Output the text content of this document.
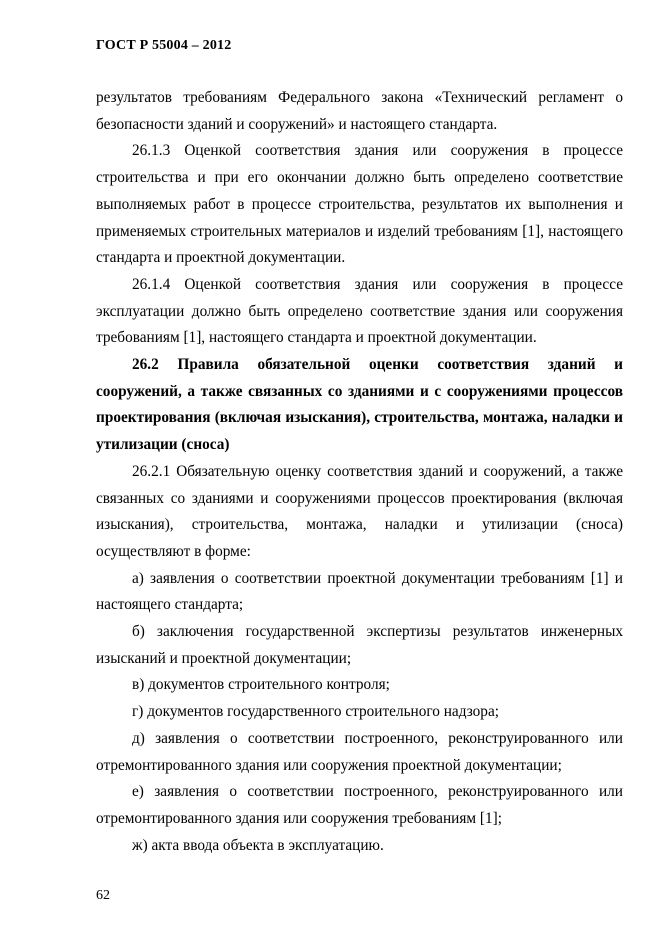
ГОСТ Р 55004 – 2012

результатов требованиям Федерального закона «Технический регламент о безопасности зданий и сооружений» и настоящего стандарта.

26.1.3 Оценкой соответствия здания или сооружения в процессе строительства и при его окончании должно быть определено соответствие выполняемых работ в процессе строительства, результатов их выполнения и применяемых строительных материалов и изделий требованиям [1], настоящего стандарта и проектной документации.

26.1.4 Оценкой соответствия здания или сооружения в процессе эксплуатации должно быть определено соответствие здания или сооружения требованиям [1], настоящего стандарта и проектной документации.

26.2 Правила обязательной оценки соответствия зданий и сооружений, а также связанных со зданиями и с сооружениями процессов проектирования (включая изыскания), строительства, монтажа, наладки и утилизации (сноса)

26.2.1 Обязательную оценку соответствия зданий и сооружений, а также связанных со зданиями и сооружениями процессов проектирования (включая изыскания), строительства, монтажа, наладки и утилизации (сноса) осуществляют в форме:

а) заявления о соответствии проектной документации требованиям [1] и настоящего стандарта;

б) заключения государственной экспертизы результатов инженерных изысканий и проектной документации;

в) документов строительного контроля;

г) документов государственного строительного надзора;

д) заявления о соответствии построенного, реконструированного или отремонтированного здания или сооружения проектной документации;

е) заявления о соответствии построенного, реконструированного или отремонтированного здания или сооружения требованиям [1];

ж) акта ввода объекта в эксплуатацию.

62
